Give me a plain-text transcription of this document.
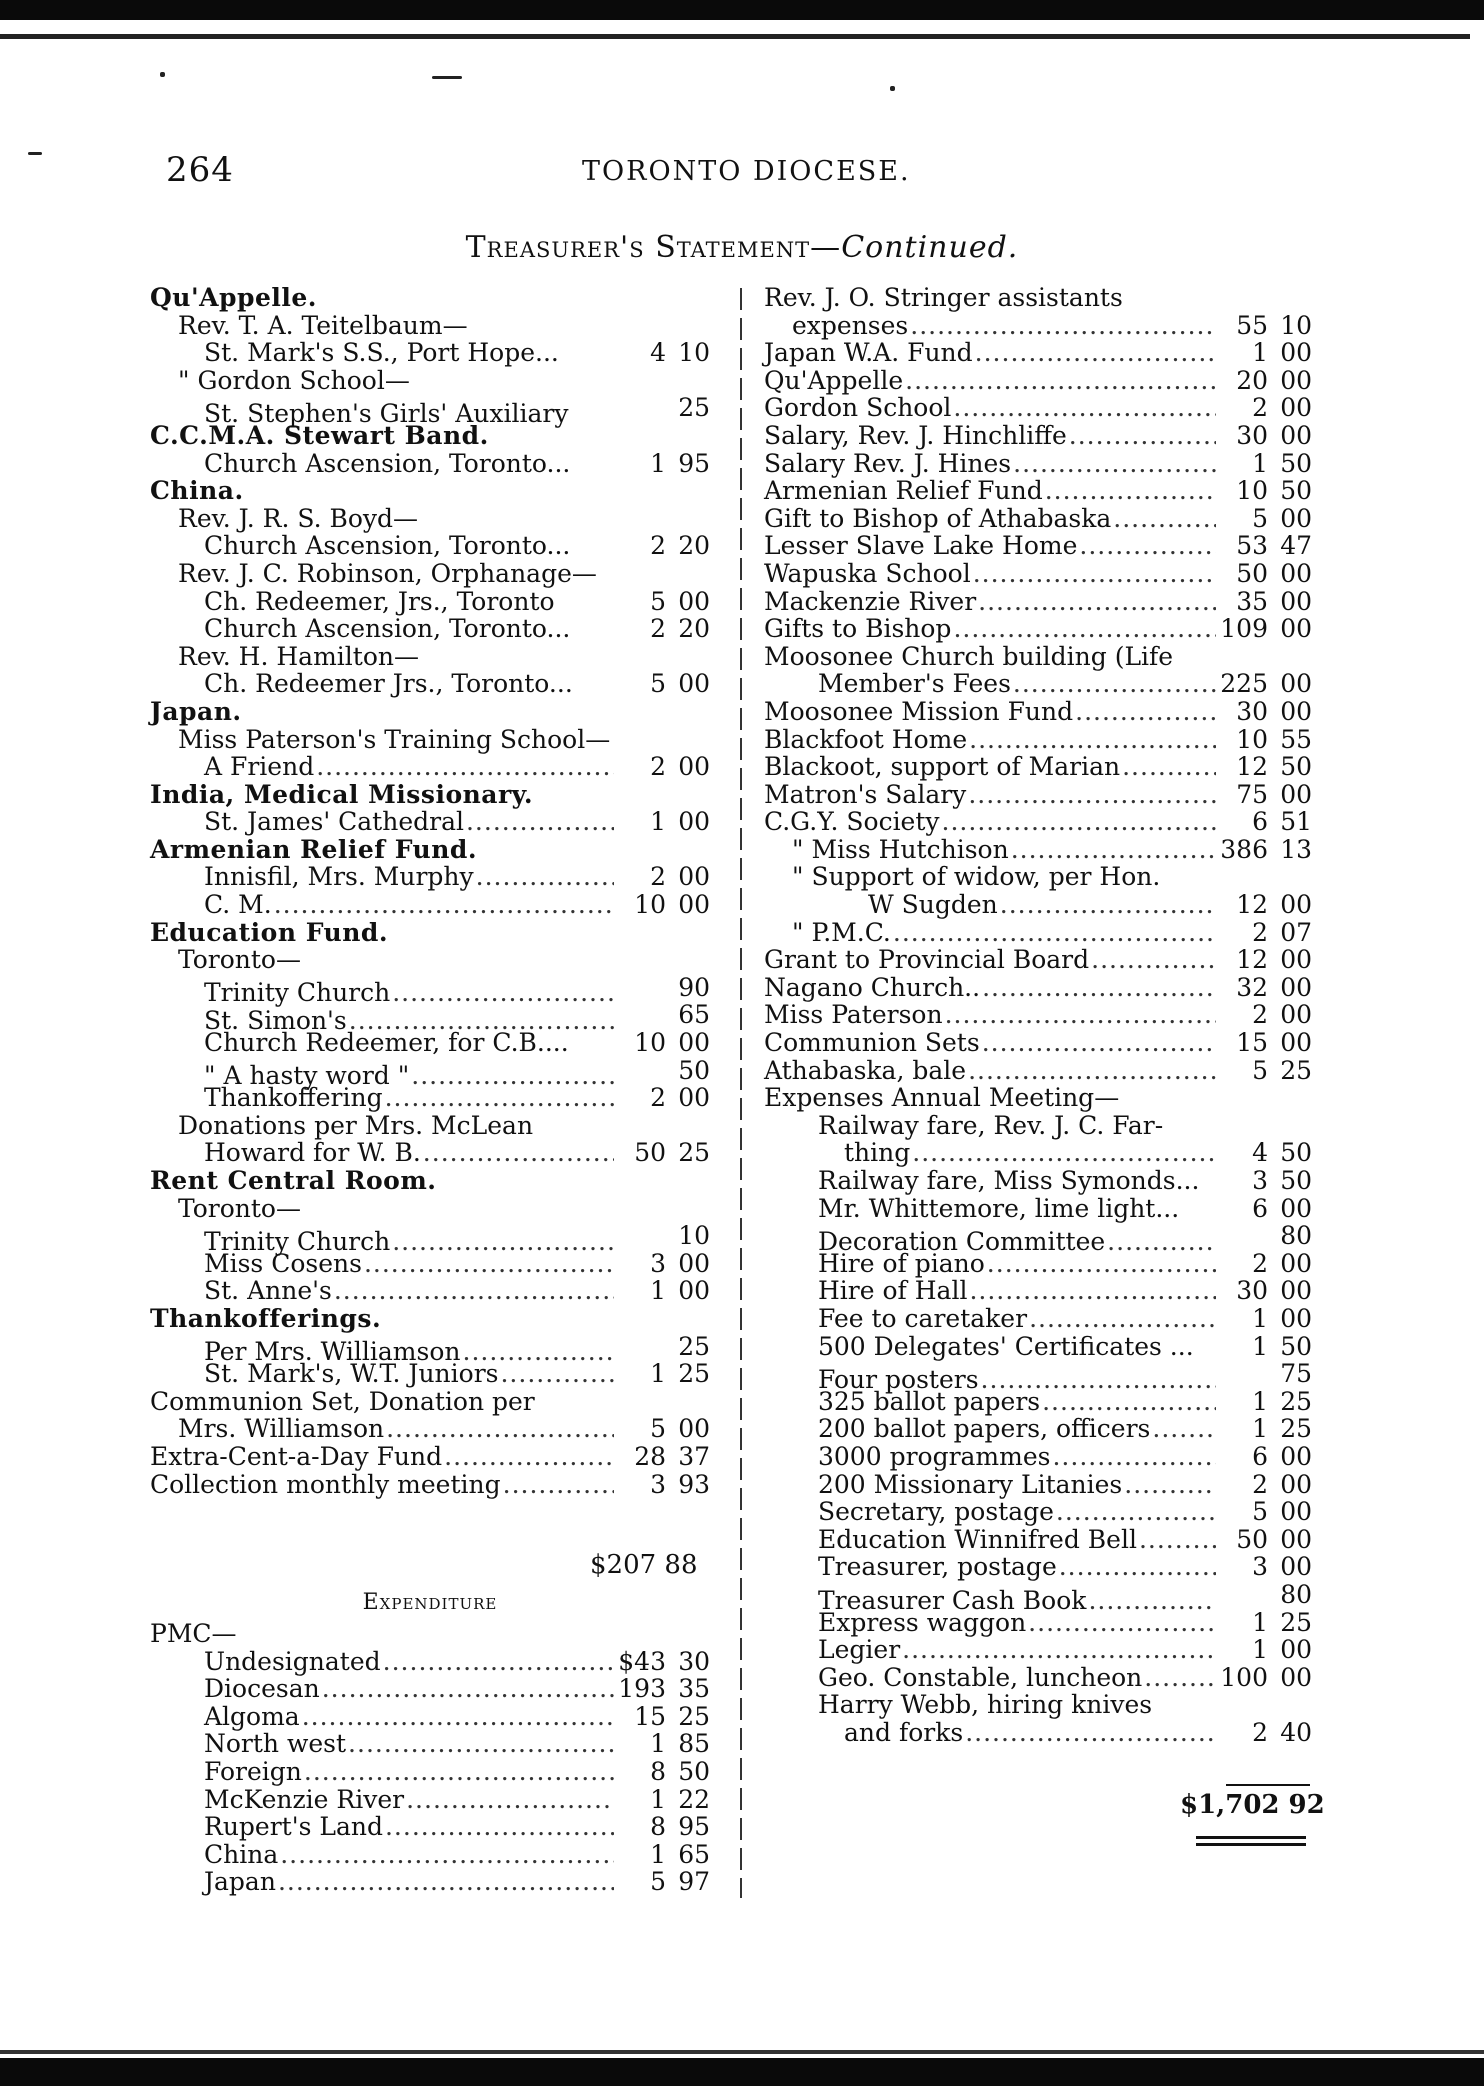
264	TORONTO DIOCESE.
Treasurer's Statement—Continued.
Qu'Appelle.
Rev. T. A. Teitelbaum—
St. Mark's S.S., Port Hope...	4 10
" Gordon School—
St. Stephen's Girls' Auxiliary	25
C.C.M.A. Stewart Band.
Church Ascension, Toronto...	1 95
China.
Rev. J. R. S. Boyd—
Church Ascension, Toronto...	2 20
Rev. J. C. Robinson, Orphanage—
Ch. Redeemer, Jrs., Toronto	5 00
Church Ascension, Toronto...	2 20
Rev. H. Hamilton—
Ch. Redeemer Jrs., Toronto...	5 00
Japan.
Miss Paterson's Training School—
A Friend .....	2 00
India, Medical Missionary.
St. James' Cathedral .....	1 00
Armenian Relief Fund.
Innisfil, Mrs. Murphy .....	2 00
C. M. .....	10 00
Education Fund.
Toronto—
Trinity Church .....	90
St. Simon's .....	65
Church Redeemer, for C.B....	10 00
" A hasty word " .....	50
Thankoffering .....	2 00
Donations per Mrs. McLean
Howard for W. B. .....	50 25
Rent Central Room.
Toronto—
Trinity Church .....	10
Miss Cosens .....	3 00
St. Anne's .....	1 00
Thankofferings.
Per Mrs. Williamson .....	25
St. Mark's, W.T. Juniors .....	1 25
Communion Set, Donation per
Mrs. Williamson .....	5 00
Extra-Cent-a-Day Fund .....	28 37
Collection monthly meeting .....	3 93
$207 88
Expenditure
PMC—
Undesignated .....	$43 30
Diocesan .....	193 35
Algoma .....	15 25
North west .....	1 85
Foreign .....	8 50
McKenzie River .....	1 22
Rupert's Land .....	8 95
China .....	1 65
Japan .....	5 97
Rev. J. O. Stringer assistants
expenses .....	55 10
Japan W.A. Fund .....	1 00
Qu'Appelle .....	20 00
Gordon School .....	2 00
Salary, Rev. J. Hinchliffe .....	30 00
Salary Rev. J. Hines .....	1 50
Armenian Relief Fund .....	10 50
Gift to Bishop of Athabaska .....	5 00
Lesser Slave Lake Home .....	53 47
Wapuska School .....	50 00
Mackenzie River .....	35 00
Gifts to Bishop .....	109 00
Moosonee Church building (Life
Member's Fees .....	225 00
Moosonee Mission Fund .....	30 00
Blackfoot Home .....	10 55
Blackoot, support of Marian .....	12 50
Matron's Salary .....	75 00
C.G.Y. Society .....	6 51
" Miss Hutchison .....	386 13
" Support of widow, per Hon.
W Sugden .....	12 00
" P.M.C. .....	2 07
Grant to Provincial Board .....	12 00
Nagano Church.. .....	32 00
Miss Paterson .....	2 00
Communion Sets .....	15 00
Athabaska, bale .....	5 25
Expenses Annual Meeting—
Railway fare, Rev. J. C. Far-
thing .....	4 50
Railway fare, Miss Symonds...	3 50
Mr. Whittemore, lime light...	6 00
Decoration Committee .....	80
Hire of piano .....	2 00
Hire of Hall .....	30 00
Fee to caretaker .....	1 00
500 Delegates' Certificates ...	1 50
Four posters .....	75
325 ballot papers .....	1 25
200 ballot papers, officers .....	1 25
3000 programmes .....	6 00
200 Missionary Litanies .....	2 00
Secretary, postage .....	5 00
Education Winnifred Bell .....	50 00
Treasurer, postage .....	3 00
Treasurer Cash Book .....	80
Express waggon .....	1 25
Legier .....	1 00
Geo. Constable, luncheon .....	100 00
Harry Webb, hiring knives
and forks .....	2 40
$1,702 92
